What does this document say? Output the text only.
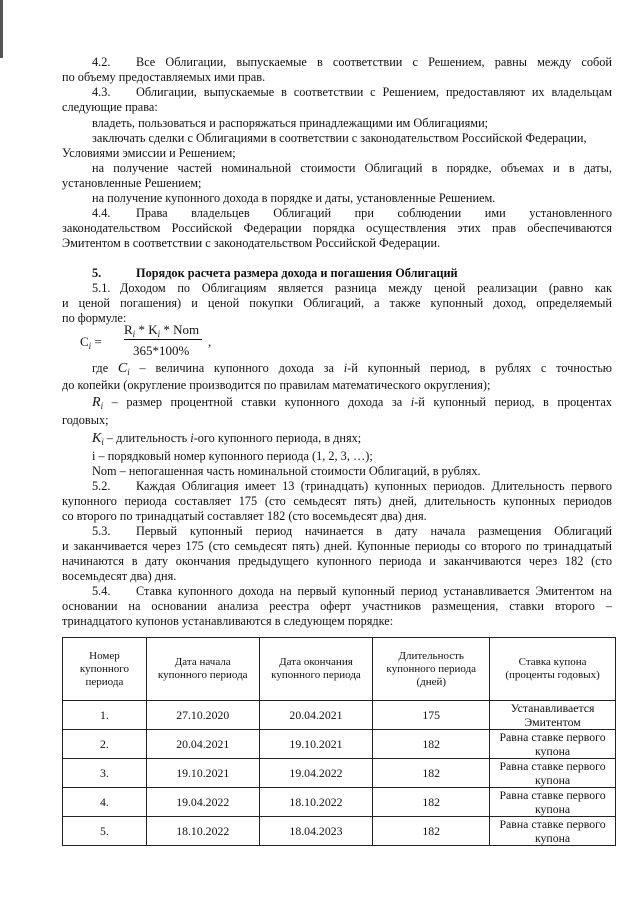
4.2. Все Облигации, выпускаемые в соответствии с Решением, равны между собой
по объему предоставляемых ими прав.
4.3. Облигации, выпускаемые в соответствии с Решением, предоставляют их владельцам
следующие права:
владеть, пользоваться и распоряжаться принадлежащими им Облигациями;
заключать сделки с Облигациями в соответствии с законодательством Российской Федерации,
Условиями эмиссии и Решением;
на получение частей номинальной стоимости Облигаций в порядке, объемах и в даты,
установленные Решением;
на получение купонного дохода в порядке и даты, установленные Решением.
4.4. Права владельцев Облигаций при соблюдении ими установленного
законодательством Российской Федерации порядка осуществления этих прав обеспечиваются
Эмитентом в соответствии с законодательством Российской Федерации.
5.	Порядок расчета размера дохода и погашения Облигаций
5.1. Доходом по Облигациям является разница между ценой реализации (равно как
и ценой погашения) и ценой покупки Облигаций, а также купонный доход, определяемый
по формуле:
$C_i$ =
$R_i * K_i$ * Nom
365*100%
,
где $C_i$ – величина купонного дохода за i-й купонный период, в рублях с точностью
до копейки (округление производится по правилам математического округления);
$R_i$ – размер процентной ставки купонного дохода за i-й купонный период, в процентах
годовых;
$K_i$ – длительность i-ого купонного периода, в днях;
i – порядковый номер купонного периода (1, 2, 3, …);
Nom – непогашенная часть номинальной стоимости Облигаций, в рублях.
5.2. Каждая Облигация имеет 13 (тринадцать) купонных периодов. Длительность первого
купонного периода составляет 175 (сто семьдесят пять) дней, длительность купонных периодов
со второго по тринадцатый составляет 182 (сто восемьдесят два) дня.
5.3. Первый купонный период начинается в дату начала размещения Облигаций
и заканчивается через 175 (сто семьдесят пять) дней. Купонные периоды со второго по тринадцатый
начинаются в дату окончания предыдущего купонного периода и заканчиваются через 182 (сто
восемьдесят два) дня.
5.4. Ставка купонного дохода на первый купонный период устанавливается Эмитентом на
основании на основании анализа реестра оферт участников размещения, ставки второго –
тринадцатого купонов устанавливаются в следующем порядке:
Номер купонного периода	Дата начала купонного периода	Дата окончания купонного периода	Длительность купонного периода (дней)	Ставка купона (проценты годовых)
1.	27.10.2020	20.04.2021	175	Устанавливается Эмитентом
2.	20.04.2021	19.10.2021	182	Равна ставке первого купона
3.	19.10.2021	19.04.2022	182	Равна ставке первого купона
4.	19.04.2022	18.10.2022	182	Равна ставке первого купона
5.	18.10.2022	18.04.2023	182	Равна ставке первого купона
